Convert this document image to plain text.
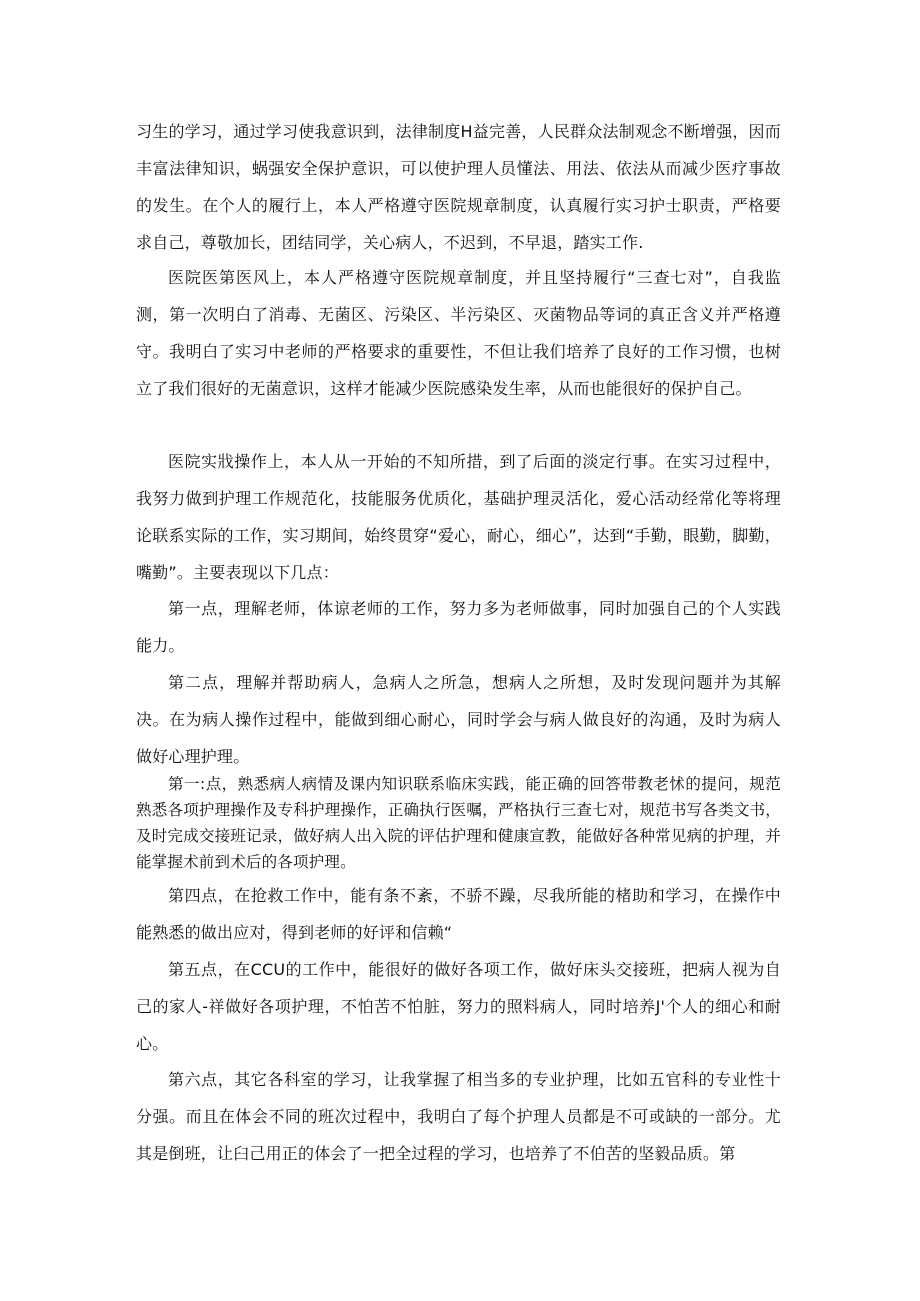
习生的学习，通过学习使我意识到，法律制度H益完善，人民群众法制观念不断增强，因而丰富法律知识，蜗强安全保护意识，可以使护理人员懂法、用法、依法从而减少医疗事故的发生。在个人的履行上，本人严格遵守医院规章制度，认真履行实习护士职责，严格要求自己，尊敬加长，团结同学，关心病人，不迟到，不早退，踏实工作.

医院医第医风上，本人严格遵守医院规章制度，并且坚持履行“三查七对”，自我监测，第一次明白了消毒、无菌区、污染区、半污染区、灭菌物品等词的真正含义并严格遵守。我明白了实习中老师的严格要求的重要性，不但让我们培养了良好的工作习惯，也树立了我们很好的无菌意识，这样才能减少医院感染发生率，从而也能很好的保护自己。

医院实戕操作上，本人从一开始的不知所措，到了后面的淡定行事。在实习过程中，我努力做到护理工作规范化，技能服务优质化，基础护理灵活化，爱心活动经常化等将理论联系实际的工作，实习期间，始终贯穿“爱心，耐心，细心”，达到“手勤，眼勤，脚勤，嘴勤”。主要表现以下几点：

第一点，理解老师，体谅老师的工作，努力多为老师做事，同时加强自己的个人实践能力。

第二点，理解并帮助病人，急病人之所急，想病人之所想，及时发现问题并为其解决。在为病人操作过程中，能做到细心耐心，同时学会与病人做良好的沟通，及时为病人做好心理护理。

第一:点，熟悉病人病情及课内知识联系临床实践，能正确的回答带教老怵的提问，规范熟悉各项护理操作及专科护理操作，正确执行医嘱，严格执行三查七对，规范书写各类文书，及时完成交接班记录，做好病人出入院的评估护理和健康宣教，能做好各种常见病的护理，并能掌握术前到术后的各项护理。

第四点，在抢救工作中，能有条不紊，不骄不躁，尽我所能的楮助和学习，在操作中能熟悉的做出应对，得到老师的好评和信赖“

第五点，在CCU的工作中，能很好的做好各项工作，做好床头交接班，把病人视为自己的家人-祥做好各项护理，不怕苦不怕脏，努力的照料病人，同时培养J'个人的细心和耐心。

第六点，其它各科室的学习，让我掌握了相当多的专业护理，比如五官科的专业性十分强。而且在体会不同的班次过程中，我明白了每个护理人员都是不可或缺的一部分。尤其是倒班，让臼己用正的体会了一把全过程的学习，也培养了不伯苦的坚毅品质。第
